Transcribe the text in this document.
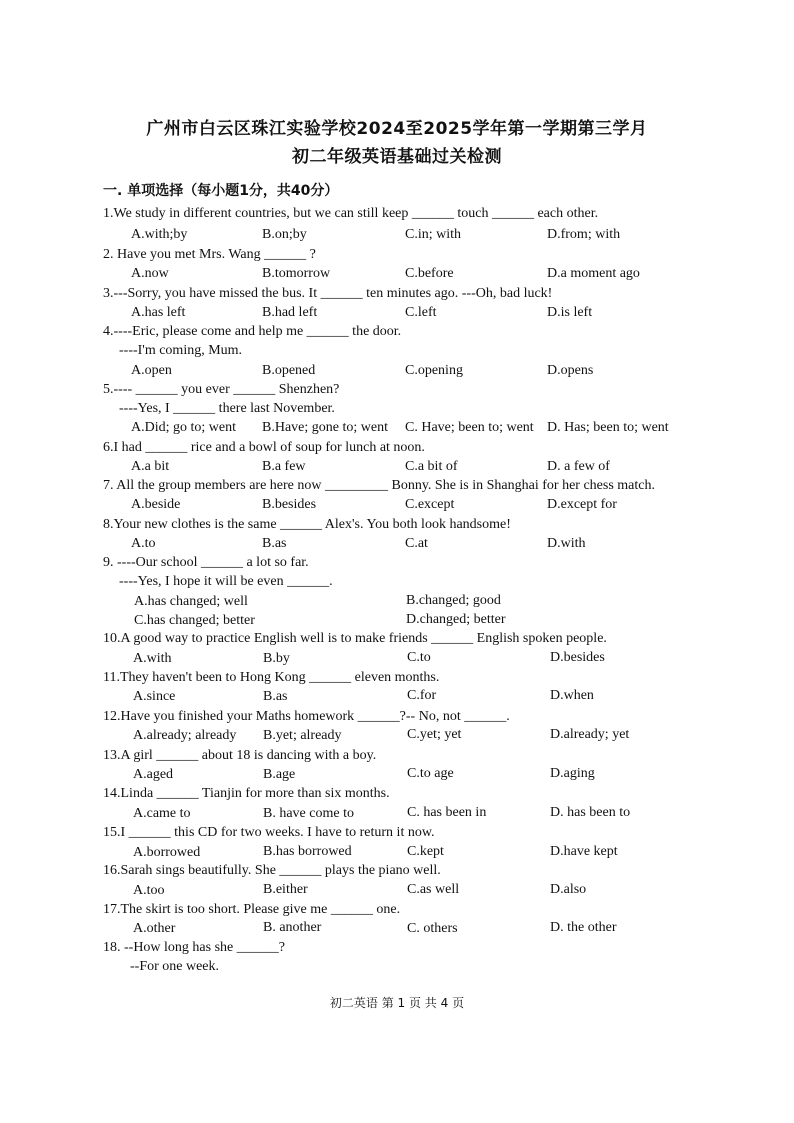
广州市白云区珠江实验学校2024至2025学年第一学期第三学月
初二年级英语基础过关检测
一. 单项选择（每小题1分，共40分）
1.We study in different countries, but we can still keep ______ touch ______ each other.
A.with;by	B.on;by	C.in; with	D.from; with
2. Have you met Mrs. Wang ______ ?
A.now	B.tomorrow	C.before	D.a moment ago
3.---Sorry, you have missed the bus. It ______ ten minutes ago. ---Oh, bad luck!
A.has left	B.had left	C.left	D.is left
4.----Eric, please come and help me ______ the door.
----I'm coming, Mum.
A.open	B.opened	C.opening	D.opens
5.---- ______ you ever ______ Shenzhen?
----Yes, I ______ there last November.
A.Did; go to; went B.Have; gone to; went C. Have; been to; went D. Has; been to; went
6.I had ______ rice and a bowl of soup for lunch at noon.
A.a bit	B.a few	C.a bit of	D. a few of
7. All the group members are here now _________ Bonny. She is in Shanghai for her chess match.
A.beside	B.besides	C.except	D.except for
8.Your new clothes is the same ______ Alex's. You both look handsome!
A.to	B.as	C.at	D.with
9. ----Our school ______ a lot so far.
----Yes, I hope it will be even ______.
A.has changed; well	B.changed; good
C.has changed; better	D.changed; better
10.A good way to practice English well is to make friends ______ English spoken people.
A.with	B.by	C.to	D.besides
11.They haven't been to Hong Kong ______ eleven months.
A.since	B.as	C.for	D.when
12.Have you finished your Maths homework ______?-- No, not ______.
A.already; already B.yet; already	C.yet; yet	D.already; yet
13.A girl ______ about 18 is dancing with a boy.
A.aged	B.age	C.to age	D.aging
14.Linda ______ Tianjin for more than six months.
A.came to	B. have come to	C. has been in	D. has been to
15.I ______ this CD for two weeks. I have to return it now.
A.borrowed	B.has borrowed	C.kept	D.have kept
16.Sarah sings beautifully. She ______ plays the piano well.
A.too	B.either	C.as well	D.also
17.The skirt is too short. Please give me ______ one.
A.other	B. another	C. others	D. the other
18. --How long has she ______?
--For one week.
初二英语 第 1 页 共 4 页
